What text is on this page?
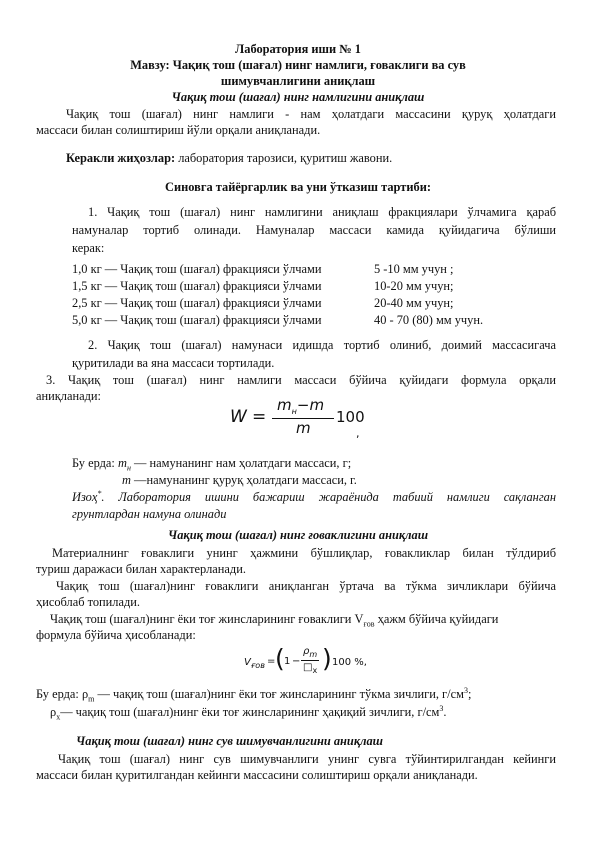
Лаборатория иши № 1
Мавзу: Чақиқ тош (шағал) нинг намлиги, ғоваклиги ва сув
шимувчанлигини аниқлаш
Чақиқ тош (шағал) нинг намлигини аниқлаш
Чақиқ тош (шағал) нинг намлиги - нам ҳолатдаги массасини қуруқ ҳолатдаги
массаси билан солиштириш йўли орқали аниқланади.
Керакли жиҳозлар: лаборатория тарозиси, қуритиш жавони.
Синовга тайёргарлик ва уни ўтказиш тартиби:
1. Чақиқ тош (шағал) нинг намлигини аниқлаш фракциялари ўлчамига қараб
намуналар тортиб олинади. Намуналар массаси камида қуйидагича бўлиши
керак:
1,0 кг — Чақиқ тош (шағал) фракцияси ўлчами	5 -10 мм учун ;
1,5 кг — Чақиқ тош (шағал) фракцияси ўлчами	10-20 мм учун;
2,5 кг — Чақиқ тош (шағал) фракцияси ўлчами	20-40 мм учун;
5,0 кг — Чақиқ тош (шағал) фракцияси ўлчами	40 - 70 (80) мм учун.
2. Чақиқ тош (шағал) намунаси идишда тортиб олиниб, доимий массасигача
қуритилади ва яна массаси тортилади.
3. Чақиқ тош (шағал) нинг намлиги массаси бўйича қуйидаги формула орқали
аниқланади:
W =
$m_н-m$
m
100
,
Бу ерда: $m_н$ — намунанинг нам ҳолатдаги массаси, г;
m —намунанинг қуруқ ҳолатдаги массаси, г.
Изоҳ*. Лаборатория ишини бажариш жараёнида табиий намлиги сақланган
грунтлардан намуна олинади
Чақиқ тош (шағал) нинг ғоваклигини аниқлаш
Материалнинг ғоваклиги унинг ҳажмини бўшлиқлар, ғовакликлар билан тўлдириб
туриш даражаси билан характерланади.
Чақиқ тош (шағал)нинг ғоваклиги аниқланган ўртача ва тўкма зичликлари бўйича
ҳисоблаб топилади.
Чақиқ тош (шағал)нинг ёки тоғ жинсларининг ғоваклиги $V_{ғов}$ ҳажм бўйича қуйидаги
формула бўйича ҳисобланади:
$V_{ғов}$ = ( 1 −
$\rho_m$
$□_х$ ) 100 %,
Бу ерда: $\rho_m$ — чақиқ тош (шағал)нинг ёки тоғ жинсларининг тўкма зичлиги, $г/см^3$;
$\rho_х—$ чақиқ тош (шағал)нинг ёки тоғ жинсларининг ҳақиқий зичлиги, $г/см^3$.
Чақиқ тош (шағал) нинг сув шимувчанлигини аниқлаш
Чақиқ тош (шағал) нинг сув шимувчанлиги унинг сувга тўйинтирилгандан кейинги
массаси билан қуритилгандан кейинги массасини солиштириш орқали аниқланади.
